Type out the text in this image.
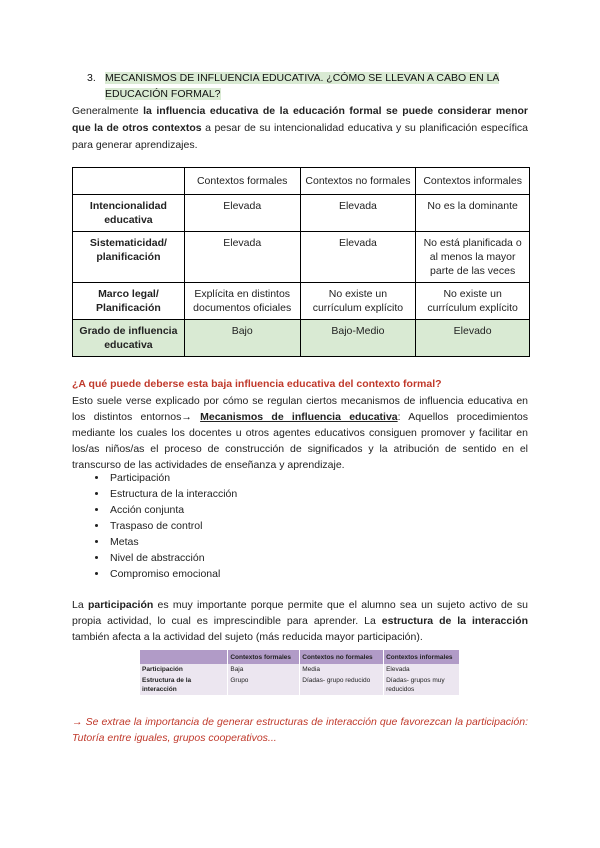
3. MECANISMOS DE INFLUENCIA EDUCATIVA. ¿CÓMO SE LLEVAN A CABO EN LA
EDUCACIÓN FORMAL?
Generalmente la influencia educativa de la educación formal se puede considerar menor que la de otros contextos a pesar de su intencionalidad educativa y su planificación específica para generar aprendizajes.
	Contextos formales	Contextos no formales	Contextos informales
Intencionalidad educativa	Elevada	Elevada	No es la dominante
Sistematicidad/ planificación	Elevada	Elevada	No está planificada o al menos la mayor parte de las veces
Marco legal/ Planificación	Explícita en distintos documentos oficiales	No existe un currículum explícito	No existe un currículum explícito
Grado de influencia educativa	Bajo	Bajo-Medio	Elevado
¿A qué puede deberse esta baja influencia educativa del contexto formal?
Esto suele verse explicado por cómo se regulan ciertos mecanismos de influencia educativa en los distintos entornos→ Mecanismos de influencia educativa: Aquellos procedimientos mediante los cuales los docentes u otros agentes educativos consiguen promover y facilitar en los/as niños/as el proceso de construcción de significados y la atribución de sentido en el transcurso de las actividades de enseñanza y aprendizaje.
• Participación
• Estructura de la interacción
• Acción conjunta
• Traspaso de control
• Metas
• Nivel de abstracción
• Compromiso emocional
La participación es muy importante porque permite que el alumno sea un sujeto activo de su propia actividad, lo cual es imprescindible para aprender. La estructura de la interacción también afecta a la actividad del sujeto (más reducida mayor participación).
	Contextos formales	Contextos no formales	Contextos informales
Participación	Baja	Media	Elevada
Estructura de la interacción	Grupo	Díadas- grupo reducido	Díadas- grupos muy reducidos
→ Se extrae la importancia de generar estructuras de interacción que favorezcan la participación: Tutoría entre iguales, grupos cooperativos...
